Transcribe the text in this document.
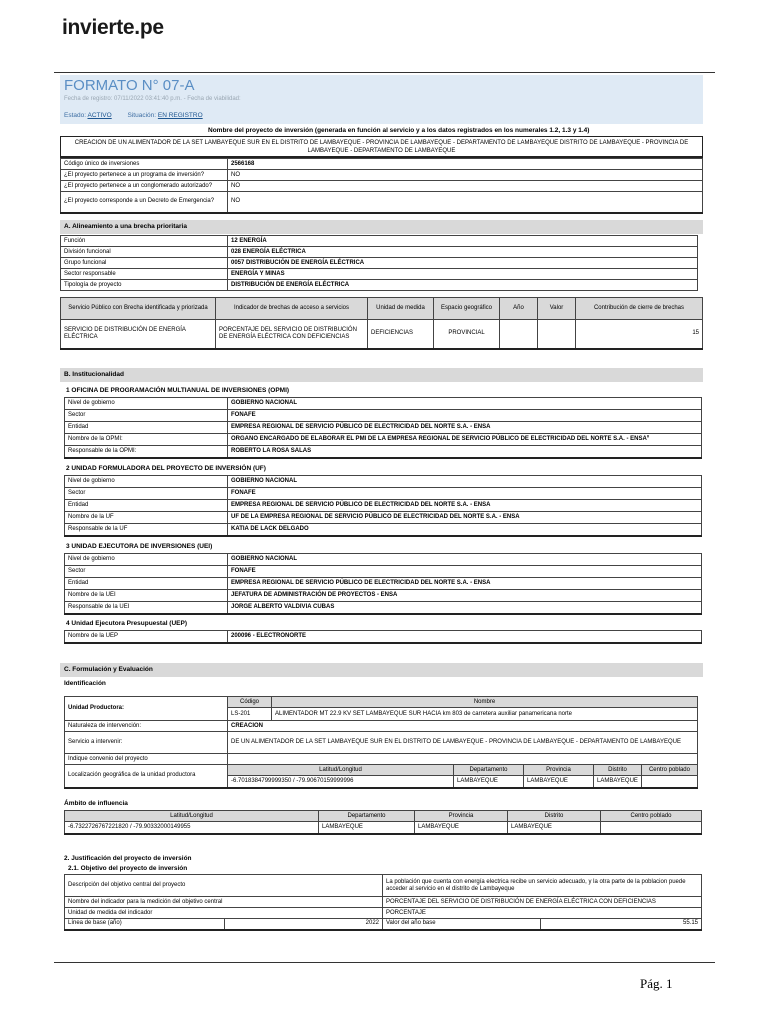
invierte.pe
FORMATO N° 07-A
Fecha de registro: 07/11/2022 03:41:40 p.m. - Fecha de viabilidad:
Estado: ACTIVO Situación: EN REGISTRO
Nombre del proyecto de inversión (generada en función al servicio y a los datos registrados en los numerales 1.2, 1.3 y 1.4)
CREACION DE UN ALIMENTADOR DE LA SET LAMBAYEQUE SUR EN EL DISTRITO DE LAMBAYEQUE - PROVINCIA DE LAMBAYEQUE - DEPARTAMENTO DE LAMBAYEQUE DISTRITO DE LAMBAYEQUE - PROVINCIA DE LAMBAYEQUE - DEPARTAMENTO DE LAMBAYEQUE
Código único de inversiones	2566168
¿El proyecto pertenece a un programa de inversión?	NO
¿El proyecto pertenece a un conglomerado autorizado?	NO
¿El proyecto corresponde a un Decreto de Emergencia?	NO
A. Alineamiento a una brecha prioritaria
Función	12 ENERGÍA
División funcional	028 ENERGÍA ELÉCTRICA
Grupo funcional	0057 DISTRIBUCIÓN DE ENERGÍA ELÉCTRICA
Sector responsable	ENERGÍA Y MINAS
Tipología de proyecto	DISTRIBUCIÓN DE ENERGÍA ELÉCTRICA
Servicio Público con Brecha identificada y priorizada	Indicador de brechas de acceso a servicios	Unidad de medida	Espacio geográfico	Año	Valor	Contribución de cierre de brechas
SERVICIO DE DISTRIBUCIÓN DE ENERGÍA ELÉCTRICA	PORCENTAJE DEL SERVICIO DE DISTRIBUCIÓN DE ENERGÍA ELÉCTRICA CON DEFICIENCIAS	DEFICIENCIAS	PROVINCIAL			15
B. Institucionalidad
1 OFICINA DE PROGRAMACIÓN MULTIANUAL DE INVERSIONES (OPMI)
Nivel de gobierno	GOBIERNO NACIONAL
Sector	FONAFE
Entidad	EMPRESA REGIONAL DE SERVICIO PÚBLICO DE ELECTRICIDAD DEL NORTE S.A. - ENSA
Nombre de la OPMI:	ORGANO ENCARGADO DE ELABORAR EL PMI DE LA EMPRESA REGIONAL DE SERVICIO PÚBLICO DE ELECTRICIDAD DEL NORTE S.A. - ENSAº
Responsable de la OPMI:	ROBERTO LA ROSA SALAS
2 UNIDAD FORMULADORA DEL PROYECTO DE INVERSIÓN (UF)
Nivel de gobierno	GOBIERNO NACIONAL
Sector	FONAFE
Entidad	EMPRESA REGIONAL DE SERVICIO PÚBLICO DE ELECTRICIDAD DEL NORTE S.A. - ENSA
Nombre de la UF	UF DE LA EMPRESA REGIONAL DE SERVICIO PÚBLICO DE ELECTRICIDAD DEL NORTE S.A. - ENSA
Responsable de la UF	KATIA DE LACK DELGADO
3 UNIDAD EJECUTORA DE INVERSIONES (UEI)
Nivel de gobierno	GOBIERNO NACIONAL
Sector	FONAFE
Entidad	EMPRESA REGIONAL DE SERVICIO PÚBLICO DE ELECTRICIDAD DEL NORTE S.A. - ENSA
Nombre de la UEI	JEFATURA DE ADMINISTRACIÓN DE PROYECTOS - ENSA
Responsable de la UEI	JORGE ALBERTO VALDIVIA CUBAS
4 Unidad Ejecutora Presupuestal (UEP)
Nombre de la UEP	200096 - ELECTRONORTE
C. Formulación y Evaluación
Identificación
Unidad Productora:	Código	Nombre				
	LS-201	ALIMENTADOR MT 22.9 KV SET LAMBAYEQUE SUR HACIA km 803 de carretera auxiliar panamericana norte				
Naturaleza de intervención:	CREACION					
Servicio a intervenir:	DE UN ALIMENTADOR DE LA SET LAMBAYEQUE SUR EN EL DISTRITO DE LAMBAYEQUE - PROVINCIA DE LAMBAYEQUE - DEPARTAMENTO DE LAMBAYEQUE					
Indique convenio del proyecto						
Localización geográfica de la unidad productora	Latitud/Longitud		Departamento	Provincia	Distrito	Centro poblado
	-6.70183847999993​50 / -79.90670159999996		LAMBAYEQUE	LAMBAYEQUE	LAMBAYEQUE	
Ámbito de influencia
Latitud/Longitud	Departamento	Provincia	Distrito	Centro poblado
-6.7322726767221820 / -79.90332000149955	LAMBAYEQUE	LAMBAYEQUE	LAMBAYEQUE	
2. Justificación del proyecto de inversión
2.1. Objetivo del proyecto de inversión
Descripción del objetivo central del proyecto		La población que cuenta con energía electrica recibe un servicio adecuado, y la otra parte de la poblacion puede acceder al servicio en el distrito de Lambayeque	
Nombre del indicador para la medición del objetivo central		PORCENTAJE DEL SERVICIO DE DISTRIBUCIÓN DE ENERGÍA ELÉCTRICA CON DEFICIENCIAS	
Unidad de medida del indicador		PORCENTAJE	
Línea de base (año)	2022	Valor del año base	55.15
Pág. 1
